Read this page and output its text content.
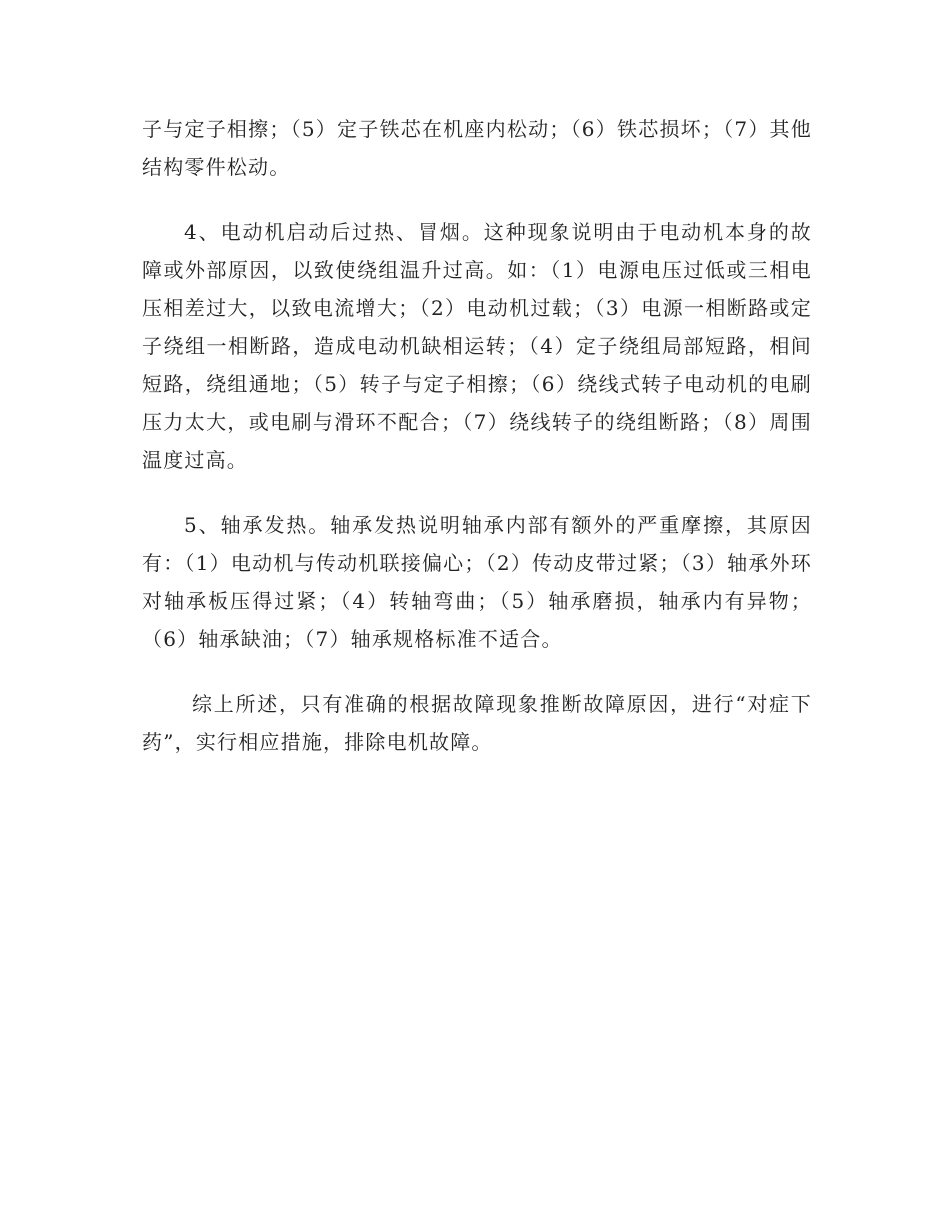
子与定子相擦；（5）定子铁芯在机座内松动；（6）铁芯损坏；（7）其他结构零件松动。

4、电动机启动后过热、冒烟。这种现象说明由于电动机本身的故障或外部原因，以致使绕组温升过高。如：（1）电源电压过低或三相电压相差过大，以致电流增大；（2）电动机过载；（3）电源一相断路或定子绕组一相断路，造成电动机缺相运转；（4）定子绕组局部短路，相间短路，绕组通地；（5）转子与定子相擦；（6）绕线式转子电动机的电刷压力太大，或电刷与滑环不配合；（7）绕线转子的绕组断路；（8）周围温度过高。

5、轴承发热。轴承发热说明轴承内部有额外的严重摩擦，其原因有：（1）电动机与传动机联接偏心；（2）传动皮带过紧；（3）轴承外环对轴承板压得过紧；（4）转轴弯曲；（5）轴承磨损，轴承内有异物；（6）轴承缺油；（7）轴承规格标准不适合。

综上所述，只有准确的根据故障现象推断故障原因，进行“对症下药”，实行相应措施，排除电机故障。
